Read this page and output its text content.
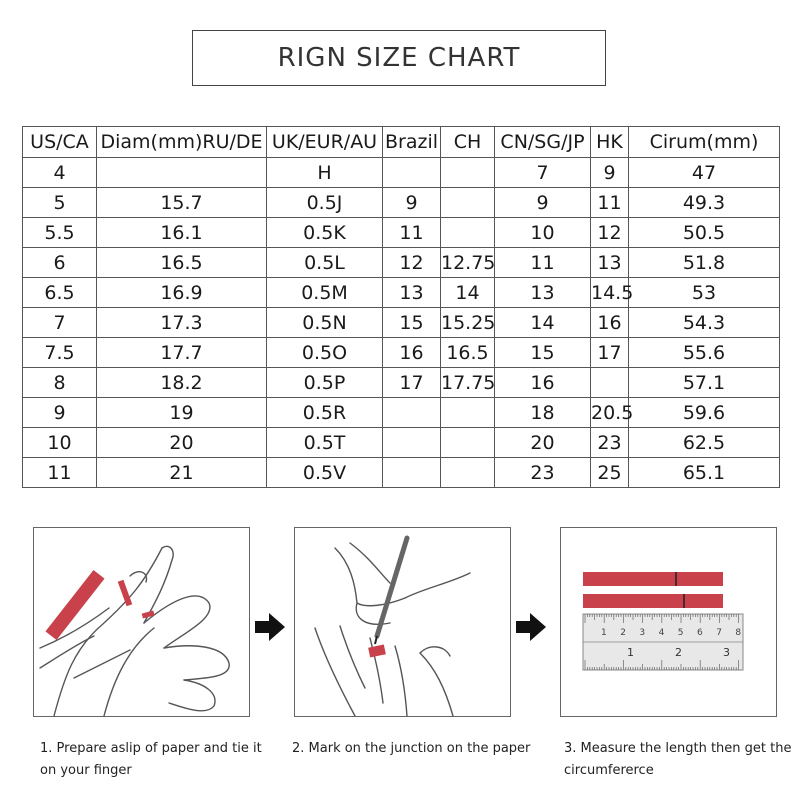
RIGN SIZE CHART
US/CA	Diam(mm)RU/DE	UK/EUR/AU	Brazil	CH	CN/SG/JP	HK	Cirum(mm)
4		H			7	9	47
5	15.7	0.5J	9		9	11	49.3
5.5	16.1	0.5K	11		10	12	50.5
6	16.5	0.5L	12	12.75	11	13	51.8
6.5	16.9	0.5M	13	14	13	14.5	53
7	17.3	0.5N	15	15.25	14	16	54.3
7.5	17.7	0.5O	16	16.5	15	17	55.6
8	18.2	0.5P	17	17.75	16		57.1
9	19	0.5R			18	20.5	59.6
10	20	0.5T			20	23	62.5
11	21	0.5V			23	25	65.1
1 2 3 4 5 6 7 8
1	2	3
1. Prepare aslip of paper and tie it
on your finger
2. Mark on the junction on the paper	3. Measure the length then get the
circumfererce
